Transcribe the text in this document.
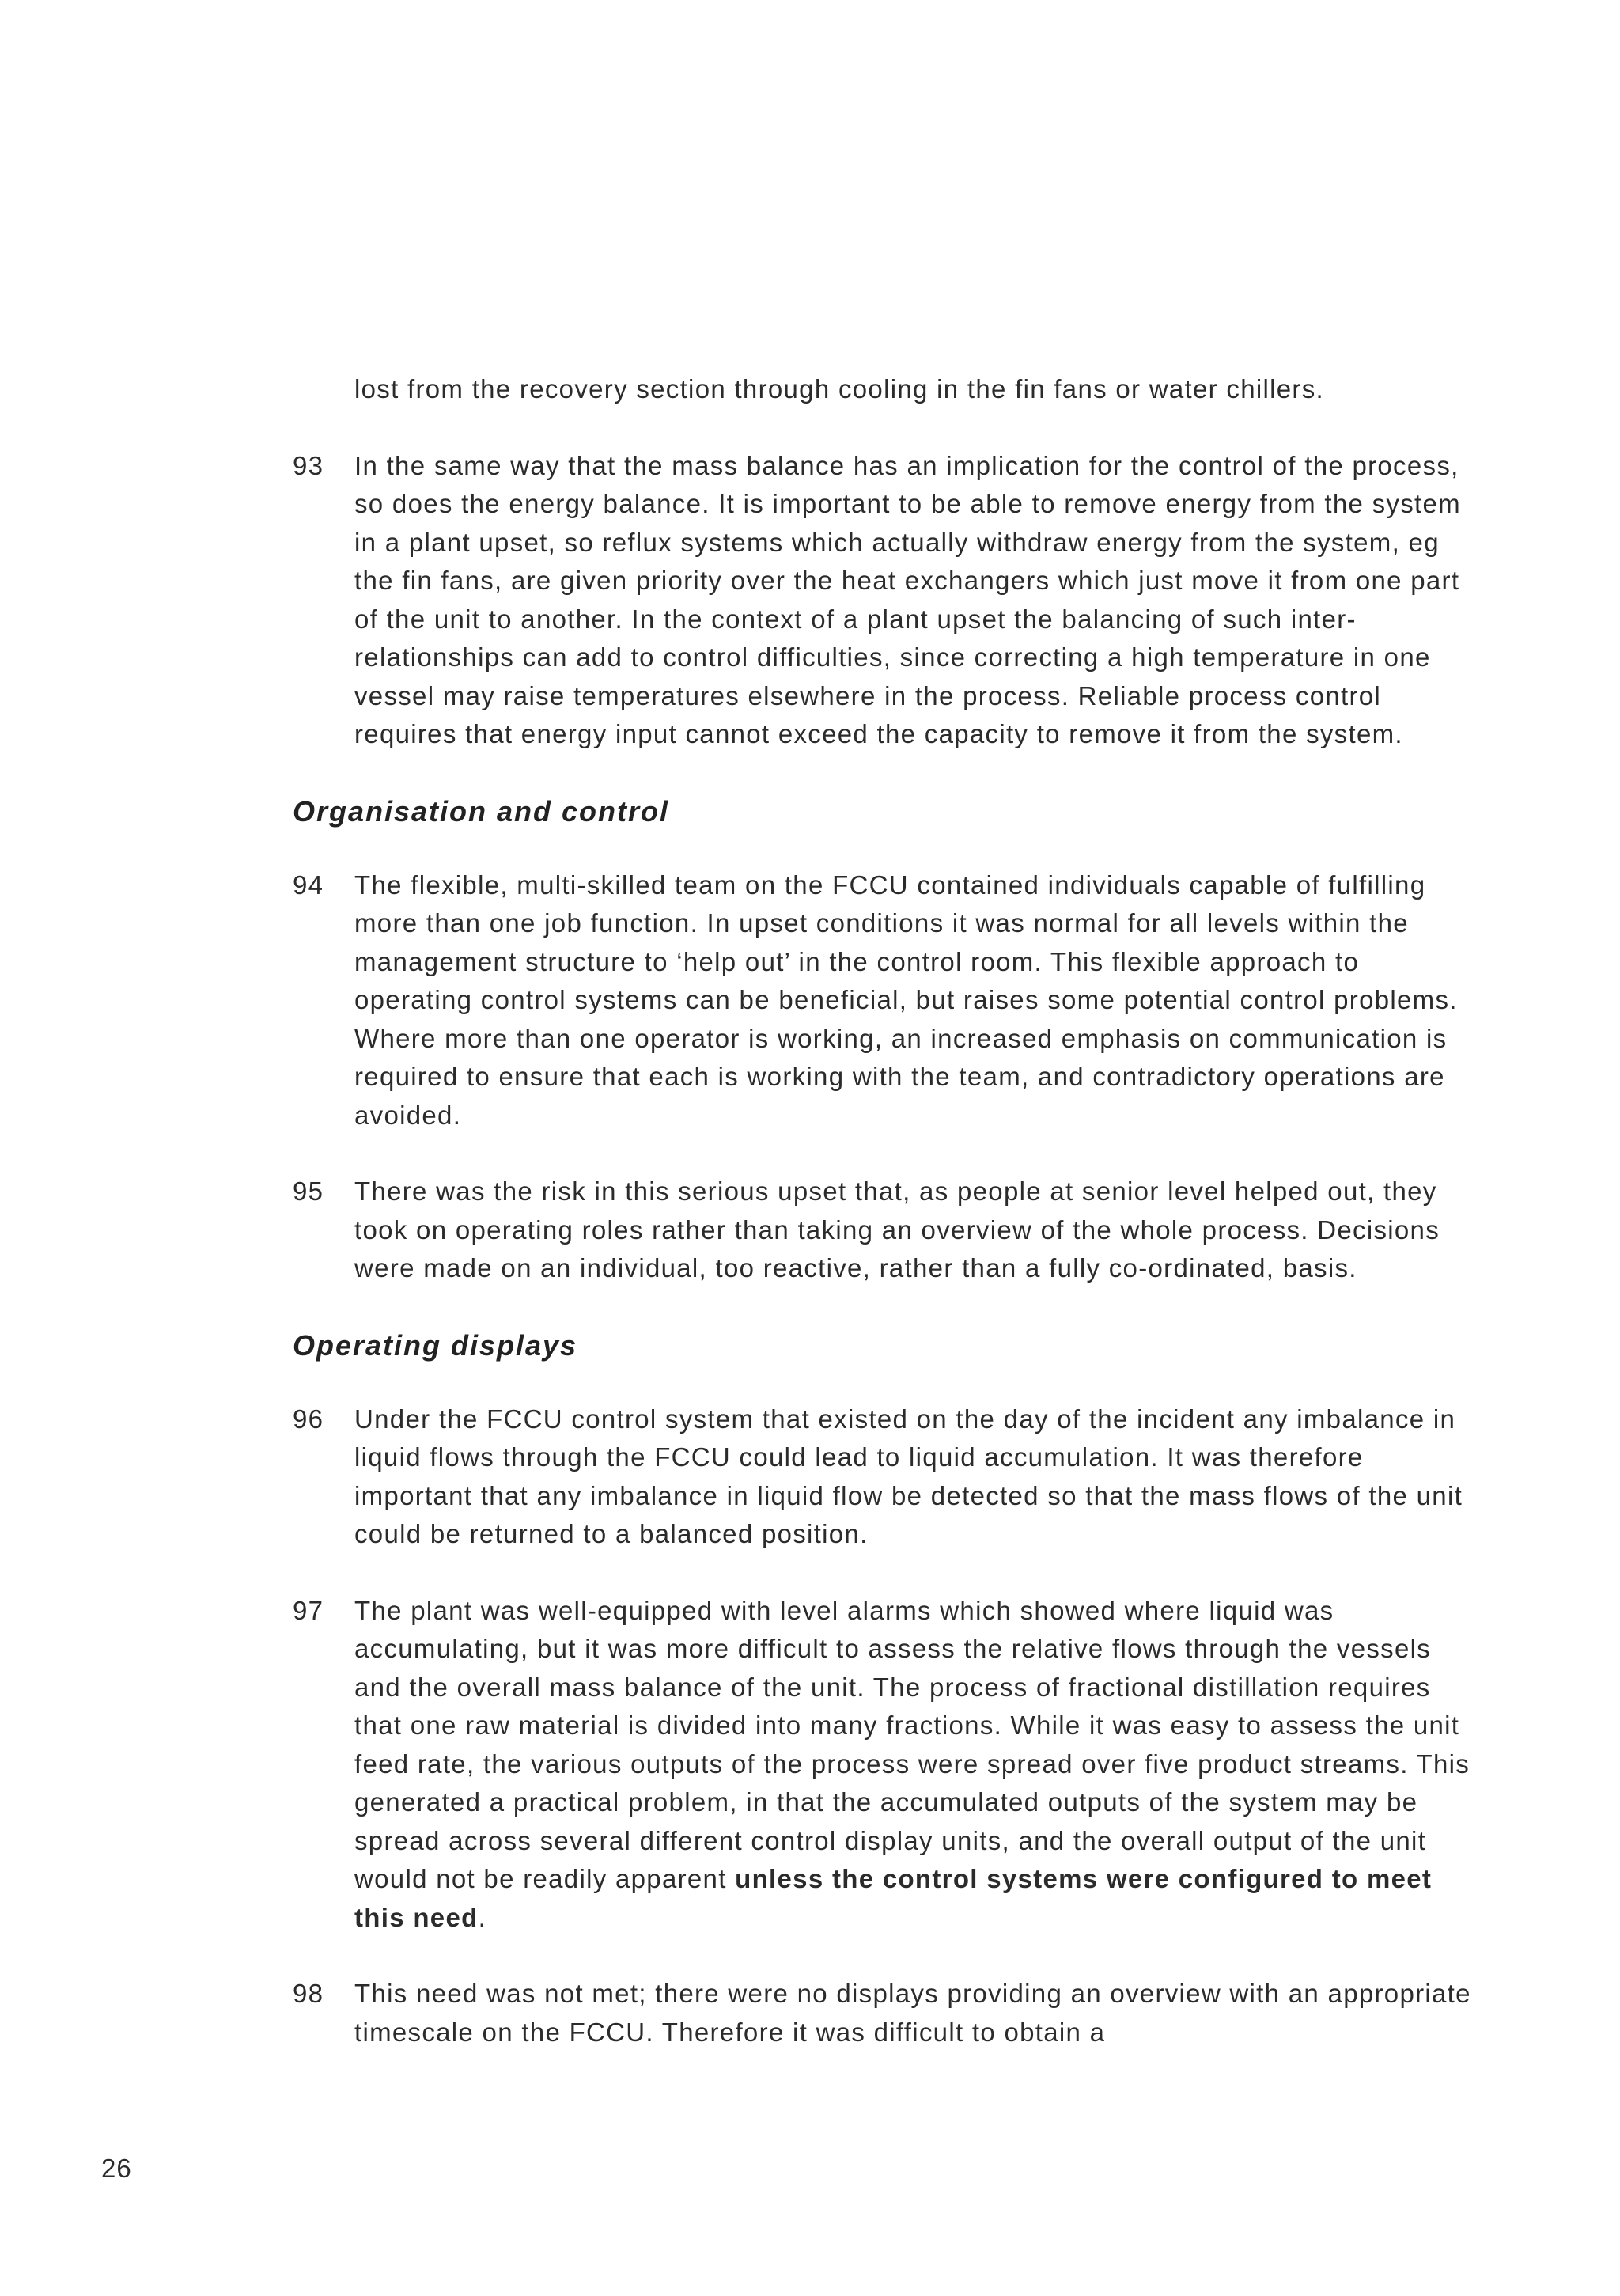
lost from the recovery section through cooling in the fin fans or water chillers.

93 In the same way that the mass balance has an implication for the control of the process, so does the energy balance. It is important to be able to remove energy from the system in a plant upset, so reflux systems which actually withdraw energy from the system, eg the fin fans, are given priority over the heat exchangers which just move it from one part of the unit to another. In the context of a plant upset the balancing of such inter-relationships can add to control difficulties, since correcting a high temperature in one vessel may raise temperatures elsewhere in the process. Reliable process control requires that energy input cannot exceed the capacity to remove it from the system.
Organisation and control
94 The flexible, multi-skilled team on the FCCU contained individuals capable of fulfilling more than one job function. In upset conditions it was normal for all levels within the management structure to ‘help out’ in the control room. This flexible approach to operating control systems can be beneficial, but raises some potential control problems. Where more than one operator is working, an increased emphasis on communication is required to ensure that each is working with the team, and contradictory operations are avoided.
95 There was the risk in this serious upset that, as people at senior level helped out, they took on operating roles rather than taking an overview of the whole process. Decisions were made on an individual, too reactive, rather than a fully co-ordinated, basis.
Operating displays
96 Under the FCCU control system that existed on the day of the incident any imbalance in liquid flows through the FCCU could lead to liquid accumulation. It was therefore important that any imbalance in liquid flow be detected so that the mass flows of the unit could be returned to a balanced position.
97 The plant was well-equipped with level alarms which showed where liquid was accumulating, but it was more difficult to assess the relative flows through the vessels and the overall mass balance of the unit. The process of fractional distillation requires that one raw material is divided into many fractions. While it was easy to assess the unit feed rate, the various outputs of the process were spread over five product streams. This generated a practical problem, in that the accumulated outputs of the system may be spread across several different control display units, and the overall output of the unit would not be readily apparent unless the control systems were configured to meet this need.
98 This need was not met; there were no displays providing an overview with an appropriate timescale on the FCCU. Therefore it was difficult to obtain a
26
